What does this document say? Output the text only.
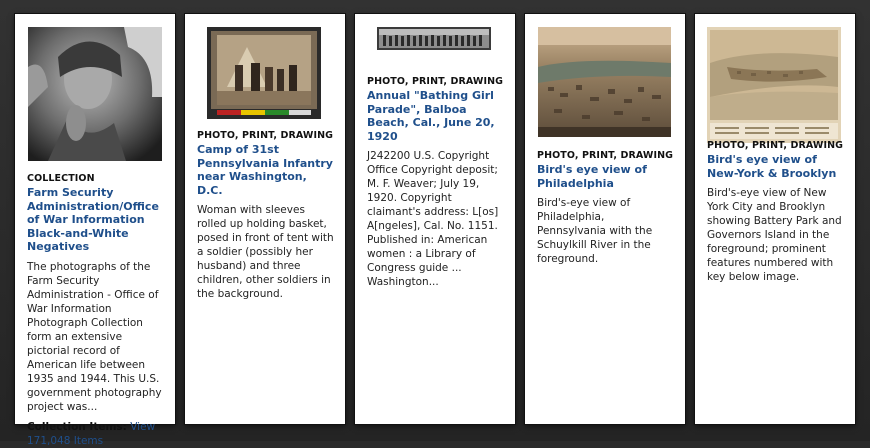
COLLECTION
Farm Security Administration/Office of War Information Black-and-White Negatives
The photographs of the Farm Security Administration - Office of War Information Photograph Collection form an extensive pictorial record of American life between 1935 and 1944. This U.S. government photography project was...
Collection Items: View 171,048 Items
PHOTO, PRINT, DRAWING
Camp of 31st Pennsylvania Infantry near Washington, D.C.
Woman with sleeves rolled up holding basket, posed in front of tent with a soldier (possibly her husband) and three children, other soldiers in the background.
PHOTO, PRINT, DRAWING
Annual "Bathing Girl Parade", Balboa Beach, Cal., June 20, 1920
J242200 U.S. Copyright Office Copyright deposit; M. F. Weaver; July 19, 1920. Copyright claimant's address: L[os] A[ngeles], Cal. No. 1151. Published in: American women : a Library of Congress guide ... Washington...
PHOTO, PRINT, DRAWING
Bird's eye view of Philadelphia
Bird's-eye view of Philadelphia, Pennsylvania with the Schuylkill River in the foreground.
PHOTO, PRINT, DRAWING
Bird's eye view of New-York & Brooklyn
Bird's-eye view of New York City and Brooklyn showing Battery Park and Governors Island in the foreground; prominent features numbered with key below image.
